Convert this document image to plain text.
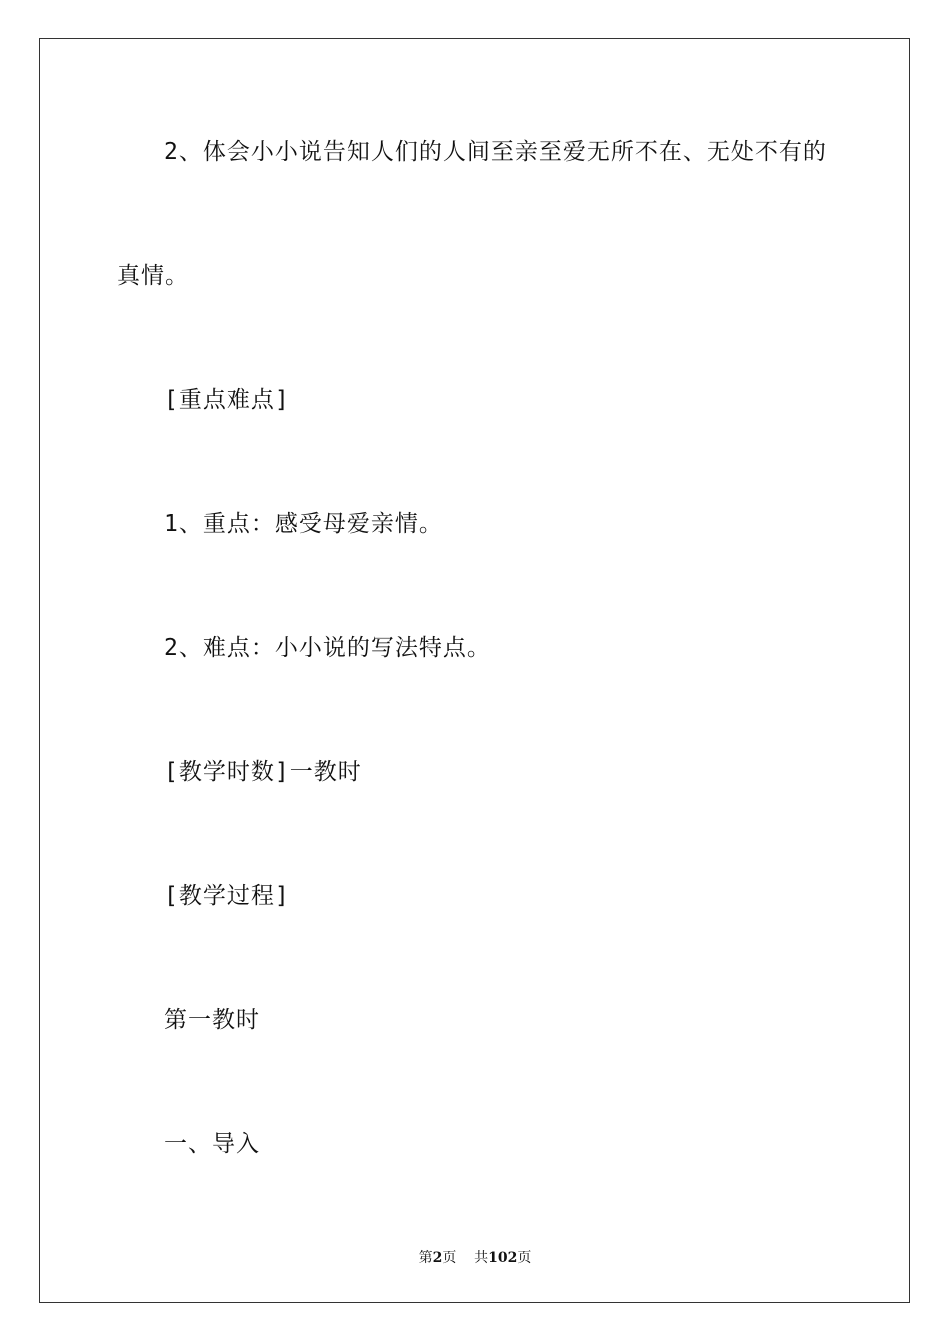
2、体会小小说告知人们的人间至亲至爱无所不在、无处不有的
真情。
[重点难点]
1、重点：感受母爱亲情。
2、难点：小小说的写法特点。
[教学时数]一教时
[教学过程]
第一教时
一、导入
第2页 共102页
